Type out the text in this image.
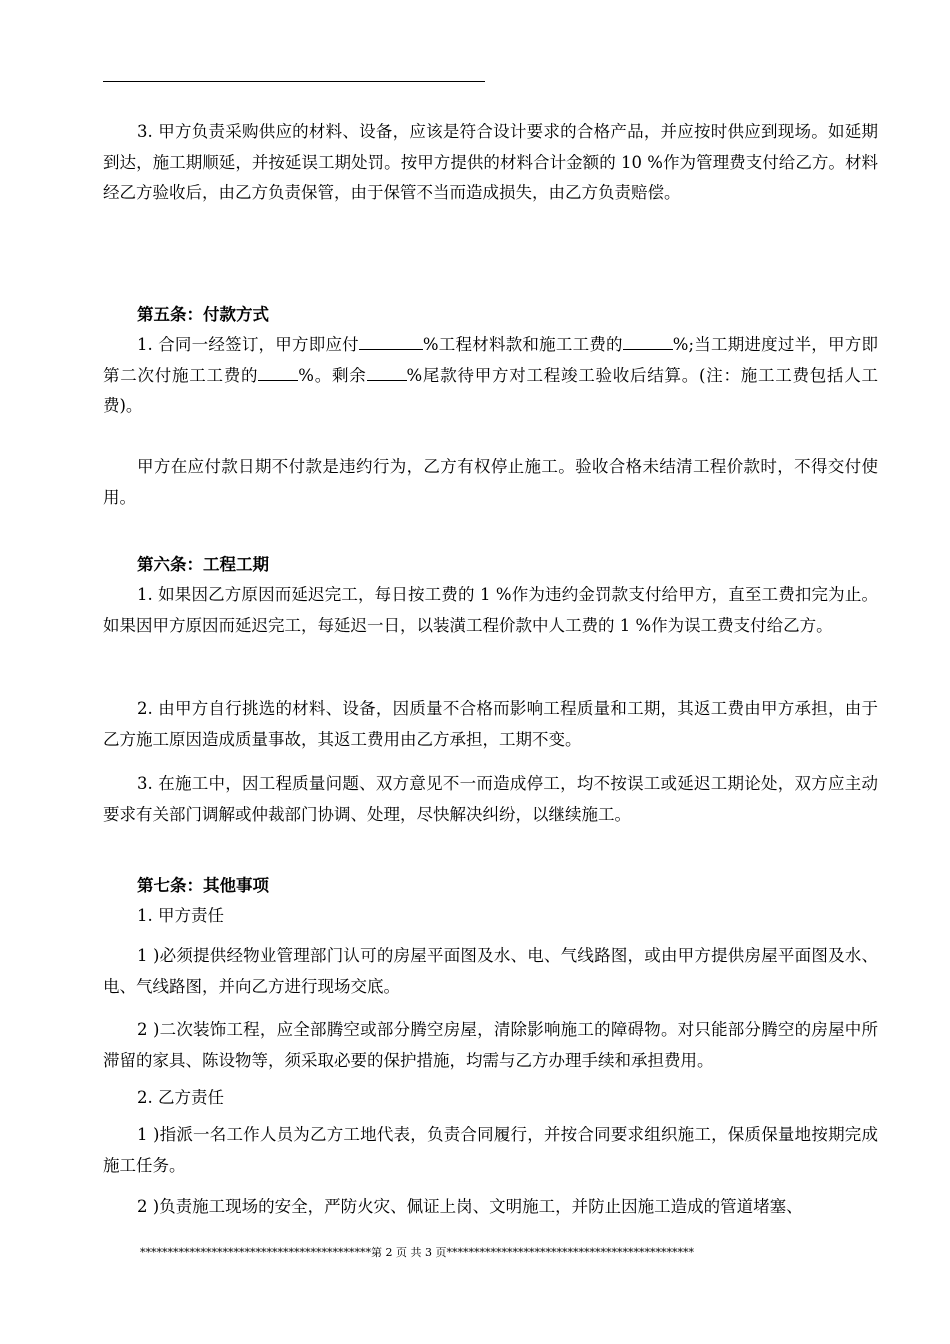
3. 甲方负责采购供应的材料、设备，应该是符合设计要求的合格产品，并应按时供应到现场。如延期到达，施工期顺延，并按延误工期处罚。按甲方提供的材料合计金额的 10 %作为管理费支付给乙方。材料经乙方验收后，由乙方负责保管，由于保管不当而造成损失，由乙方负责赔偿。

第五条：付款方式

1. 合同一经签订，甲方即应付	%工程材料款和施工工费的	%;当工期进度过半，甲方即第二次付施工工费的 %。剩余 %尾款待甲方对工程竣工验收后结算。(注：施工工费包括人工费)。

甲方在应付款日期不付款是违约行为，乙方有权停止施工。验收合格未结清工程价款时，不得交付使用。

第六条：工程工期

1. 如果因乙方原因而延迟完工，每日按工费的 1 %作为违约金罚款支付给甲方，直至工费扣完为止。如果因甲方原因而延迟完工，每延迟一日，以装潢工程价款中人工费的 1 %作为误工费支付给乙方。

2. 由甲方自行挑选的材料、设备，因质量不合格而影响工程质量和工期，其返工费由甲方承担，由于乙方施工原因造成质量事故，其返工费用由乙方承担，工期不变。

3. 在施工中，因工程质量问题、双方意见不一而造成停工，均不按误工或延迟工期论处，双方应主动要求有关部门调解或仲裁部门协调、处理，尽快解决纠纷，以继续施工。

第七条：其他事项

1. 甲方责任

1 )必须提供经物业管理部门认可的房屋平面图及水、电、气线路图，或由甲方提供房屋平面图及水、电、气线路图，并向乙方进行现场交底。

2 )二次装饰工程，应全部腾空或部分腾空房屋，清除影响施工的障碍物。对只能部分腾空的房屋中所滞留的家具、陈设物等，须采取必要的保护措施，均需与乙方办理手续和承担费用。

2. 乙方责任

1 )指派一名工作人员为乙方工地代表，负责合同履行，并按合同要求组织施工，保质保量地按期完成施工任务。

2 )负责施工现场的安全，严防火灾、佩证上岗、文明施工，并防止因施工造成的管道堵塞、

******************************************第 2 页 共 3 页*********************************************
